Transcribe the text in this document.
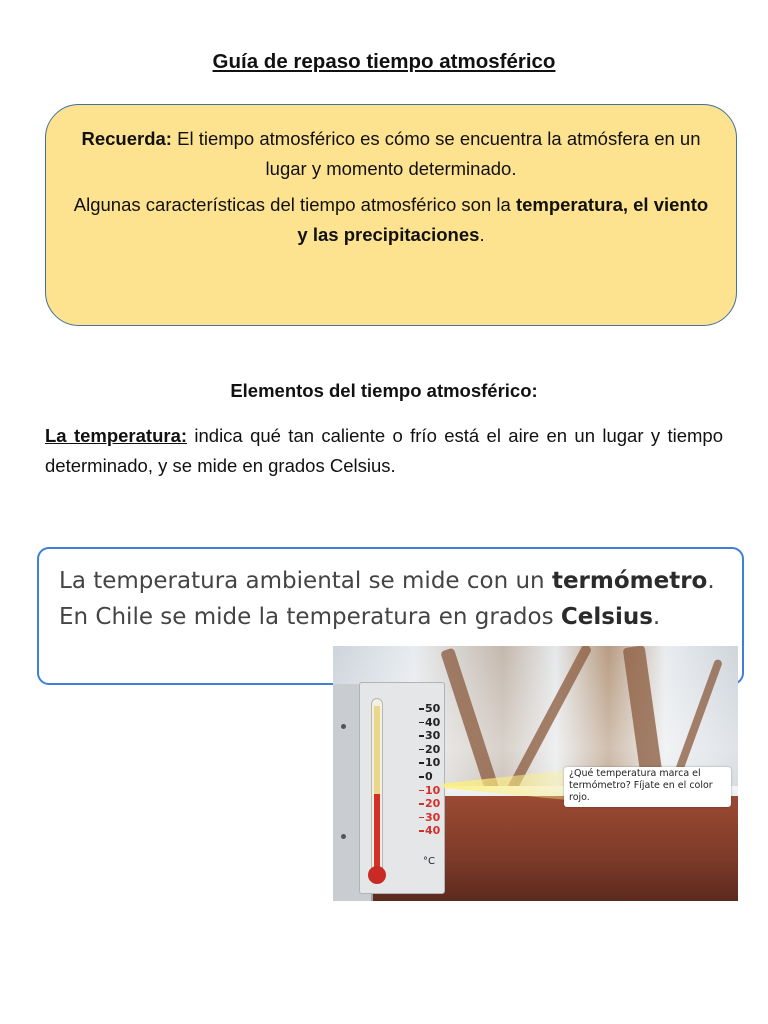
Guía de repaso tiempo atmosférico

Recuerda: El tiempo atmosférico es cómo se encuentra la atmósfera en un lugar y momento determinado.

Algunas características del tiempo atmosférico son la temperatura, el viento y las precipitaciones.

Elementos del tiempo atmosférico:
La temperatura: indica qué tan caliente o frío está el aire en un lugar y tiempo determinado, y se mide en grados Celsius.
La temperatura ambiental se mide con un termómetro. En Chile se mide la temperatura en grados Celsius.
50
40
30
20
10
0
10
20
30
40
°C
¿Qué temperatura marca el termómetro? Fíjate en el color rojo.
